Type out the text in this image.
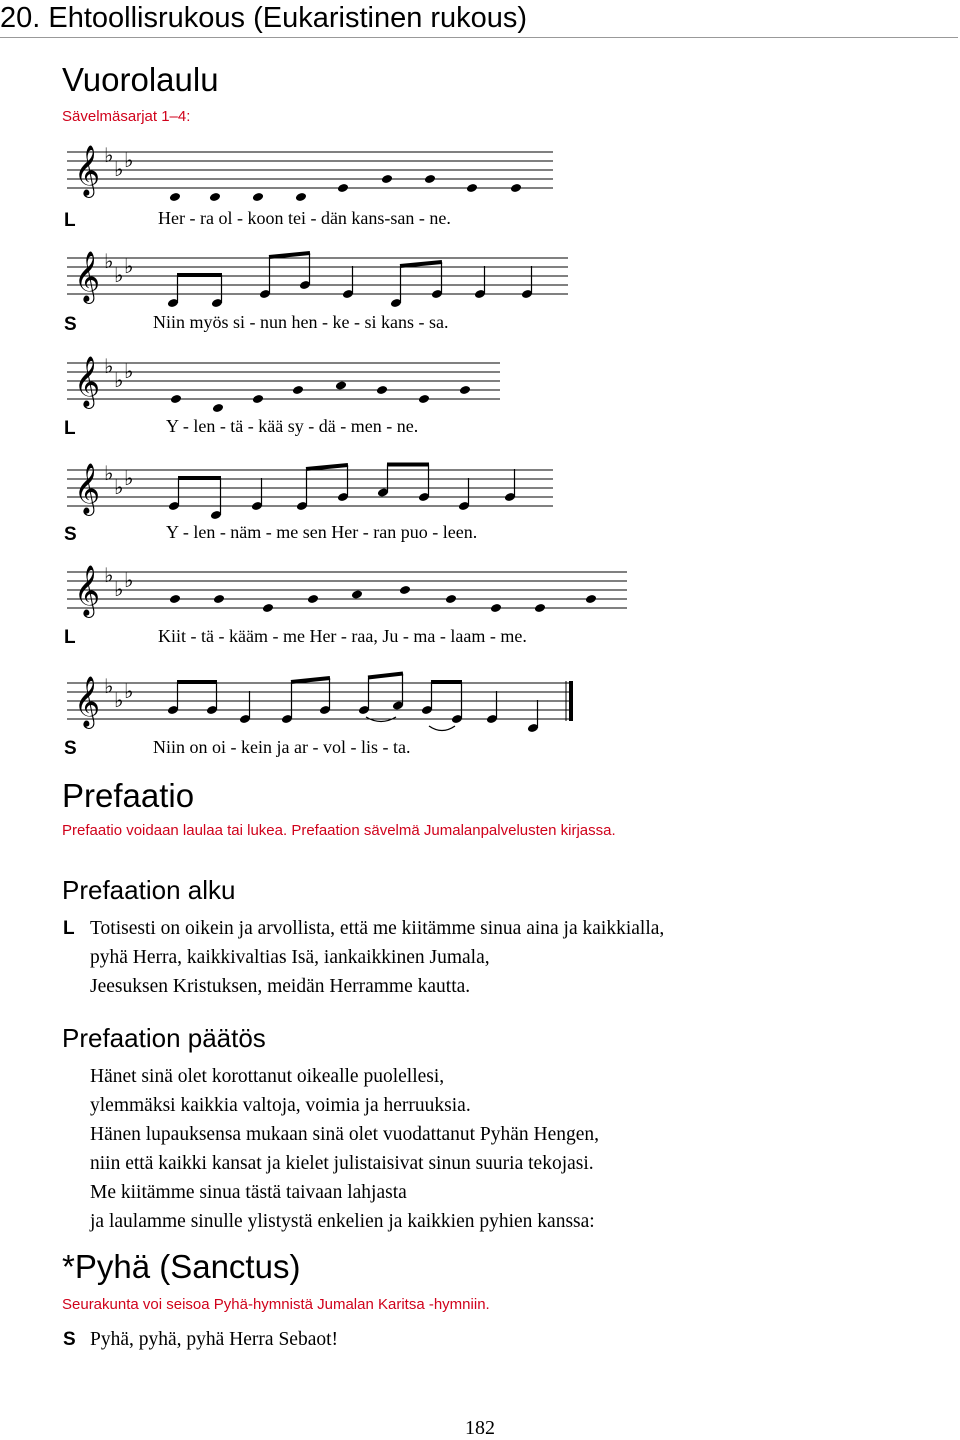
20. Ehtoollisrukous (Eukaristinen rukous)
Vuorolaulu
Sävelmäsarjat 1–4:
𝄞 ♭
♭ ♭
𝄞 ♭
♭ ♭
𝄞 ♭
♭ ♭
𝄞 ♭
♭ ♭
𝄞 ♭
♭ ♭
𝄞 ♭
♭ ♭
L	Her - ra ol - koon tei - dän kans-san - ne.
S	Niin myös si - nun hen - ke - si kans - sa.
L	Y - len - tä - kää sy - dä - men - ne.
S	Y - len - näm - me sen Her - ran puo - leen.
L	Kiit - tä - kääm - me Her - raa, Ju - ma - laam - me.
S	Niin on oi - kein ja ar - vol - lis - ta.
Prefaatio
Prefaatio voidaan laulaa tai lukea. Prefaation sävelmä Jumalanpalvelusten kirjassa.
Prefaation alku
L Totisesti on oikein ja arvollista, että me kiitämme sinua aina ja kaikkialla,
pyhä Herra, kaikkivaltias Isä, iankaikkinen Jumala,
Jeesuksen Kristuksen, meidän Herramme kautta.
Prefaation päätös
Hänet sinä olet korottanut oikealle puolellesi,
ylemmäksi kaikkia valtoja, voimia ja herruuksia.
Hänen lupauksensa mukaan sinä olet vuodattanut Pyhän Hengen,
niin että kaikki kansat ja kielet julistaisivat sinun suuria tekojasi.
Me kiitämme sinua tästä taivaan lahjasta
ja laulamme sinulle ylistystä enkelien ja kaikkien pyhien kanssa:
*Pyhä (Sanctus)
Seurakunta voi seisoa Pyhä-hymnistä Jumalan Karitsa -hymniin.
S Pyhä, pyhä, pyhä Herra Sebaot!
182
